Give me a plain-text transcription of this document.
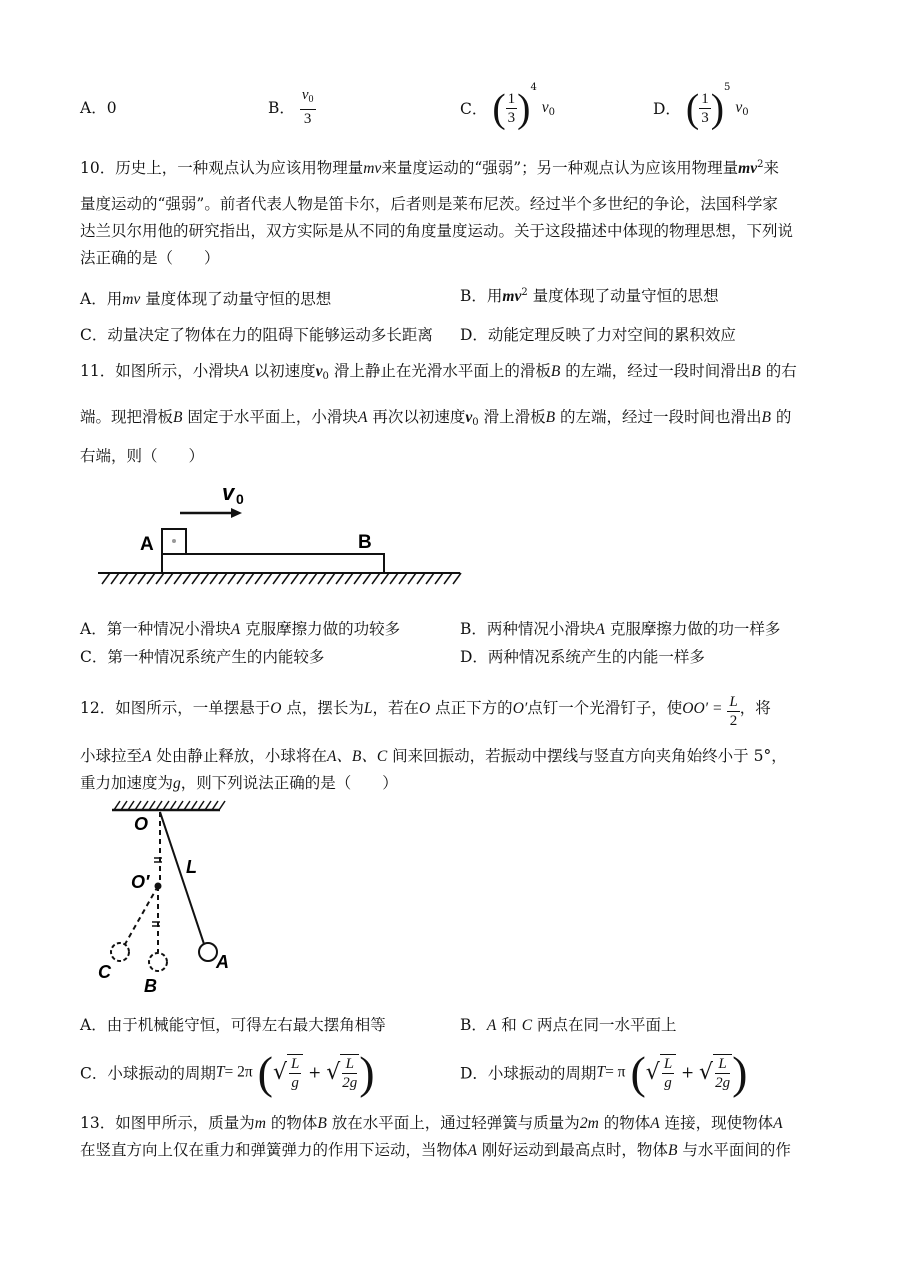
A．0	B． $\frac{v_0}{3}$	C． ( $\frac{1}{3} )^4$ $v_0$	D． ( $\frac{1}{3} )^5$ $v_0$
10．历史上，一种观点认为应该用物理量mv来量度运动的“强弱”；另一种观点认为应该用物理量$mv^2$来
量度运动的“强弱”。前者代表人物是笛卡尔，后者则是莱布尼茨。经过半个多世纪的争论，法国科学家
达兰贝尔用他的研究指出，双方实际是从不同的角度量度运动。关于这段描述中体现的物理思想，下列说
法正确的是（　　）
A．用mv 量度体现了动量守恒的思想	B．用$mv^2$ 量度体现了动量守恒的思想
C．动量决定了物体在力的阻碍下能够运动多长距离 D．动能定理反映了力对空间的累积效应
11．如图所示，小滑块A 以初速度$v_0$ 滑上静止在光滑水平面上的滑板B 的左端，经过一段时间滑出B 的右
端。现把滑板B 固定于水平面上，小滑块A 再次以初速度$v_0$ 滑上滑板B 的左端，经过一段时间也滑出B 的
右端，则（　　）
v 0
A	B
A．第一种情况小滑块A 克服摩擦力做的功较多	B．两种情况小滑块A 克服摩擦力做的功一样多
C．第一种情况系统产生的内能较多	D．两种情况系统产生的内能一样多
12．如图所示，一单摆悬于O 点，摆长为L，若在O 点正下方的O′点钉一个光滑钉子，使$OO' = \frac{L}{2}$ ，将
小球拉至A 处由静止释放，小球将在A、B、C 间来回振动，若振动中摆线与竖直方向夹角始终小于 5°，
重力加速度为g，则下列说法正确的是（　　）
O
O′
L
A
B
C
A．由于机械能守恒，可得左右最大摆角相等	B．A 和 C 两点在同一水平面上
C．小球振动的周期T= 2π (√ $\frac{L}{g}$ + √ $\frac{L}{2g}$ )	D．小球振动的周期T= π (√ $\frac{L}{g}$ + √ $\frac{L}{2g}$ )
13．如图甲所示，质量为m 的物体B 放在水平面上，通过轻弹簧与质量为2m 的物体A 连接，现使物体A
在竖直方向上仅在重力和弹簧弹力的作用下运动，当物体A 刚好运动到最高点时，物体B 与水平面间的作
